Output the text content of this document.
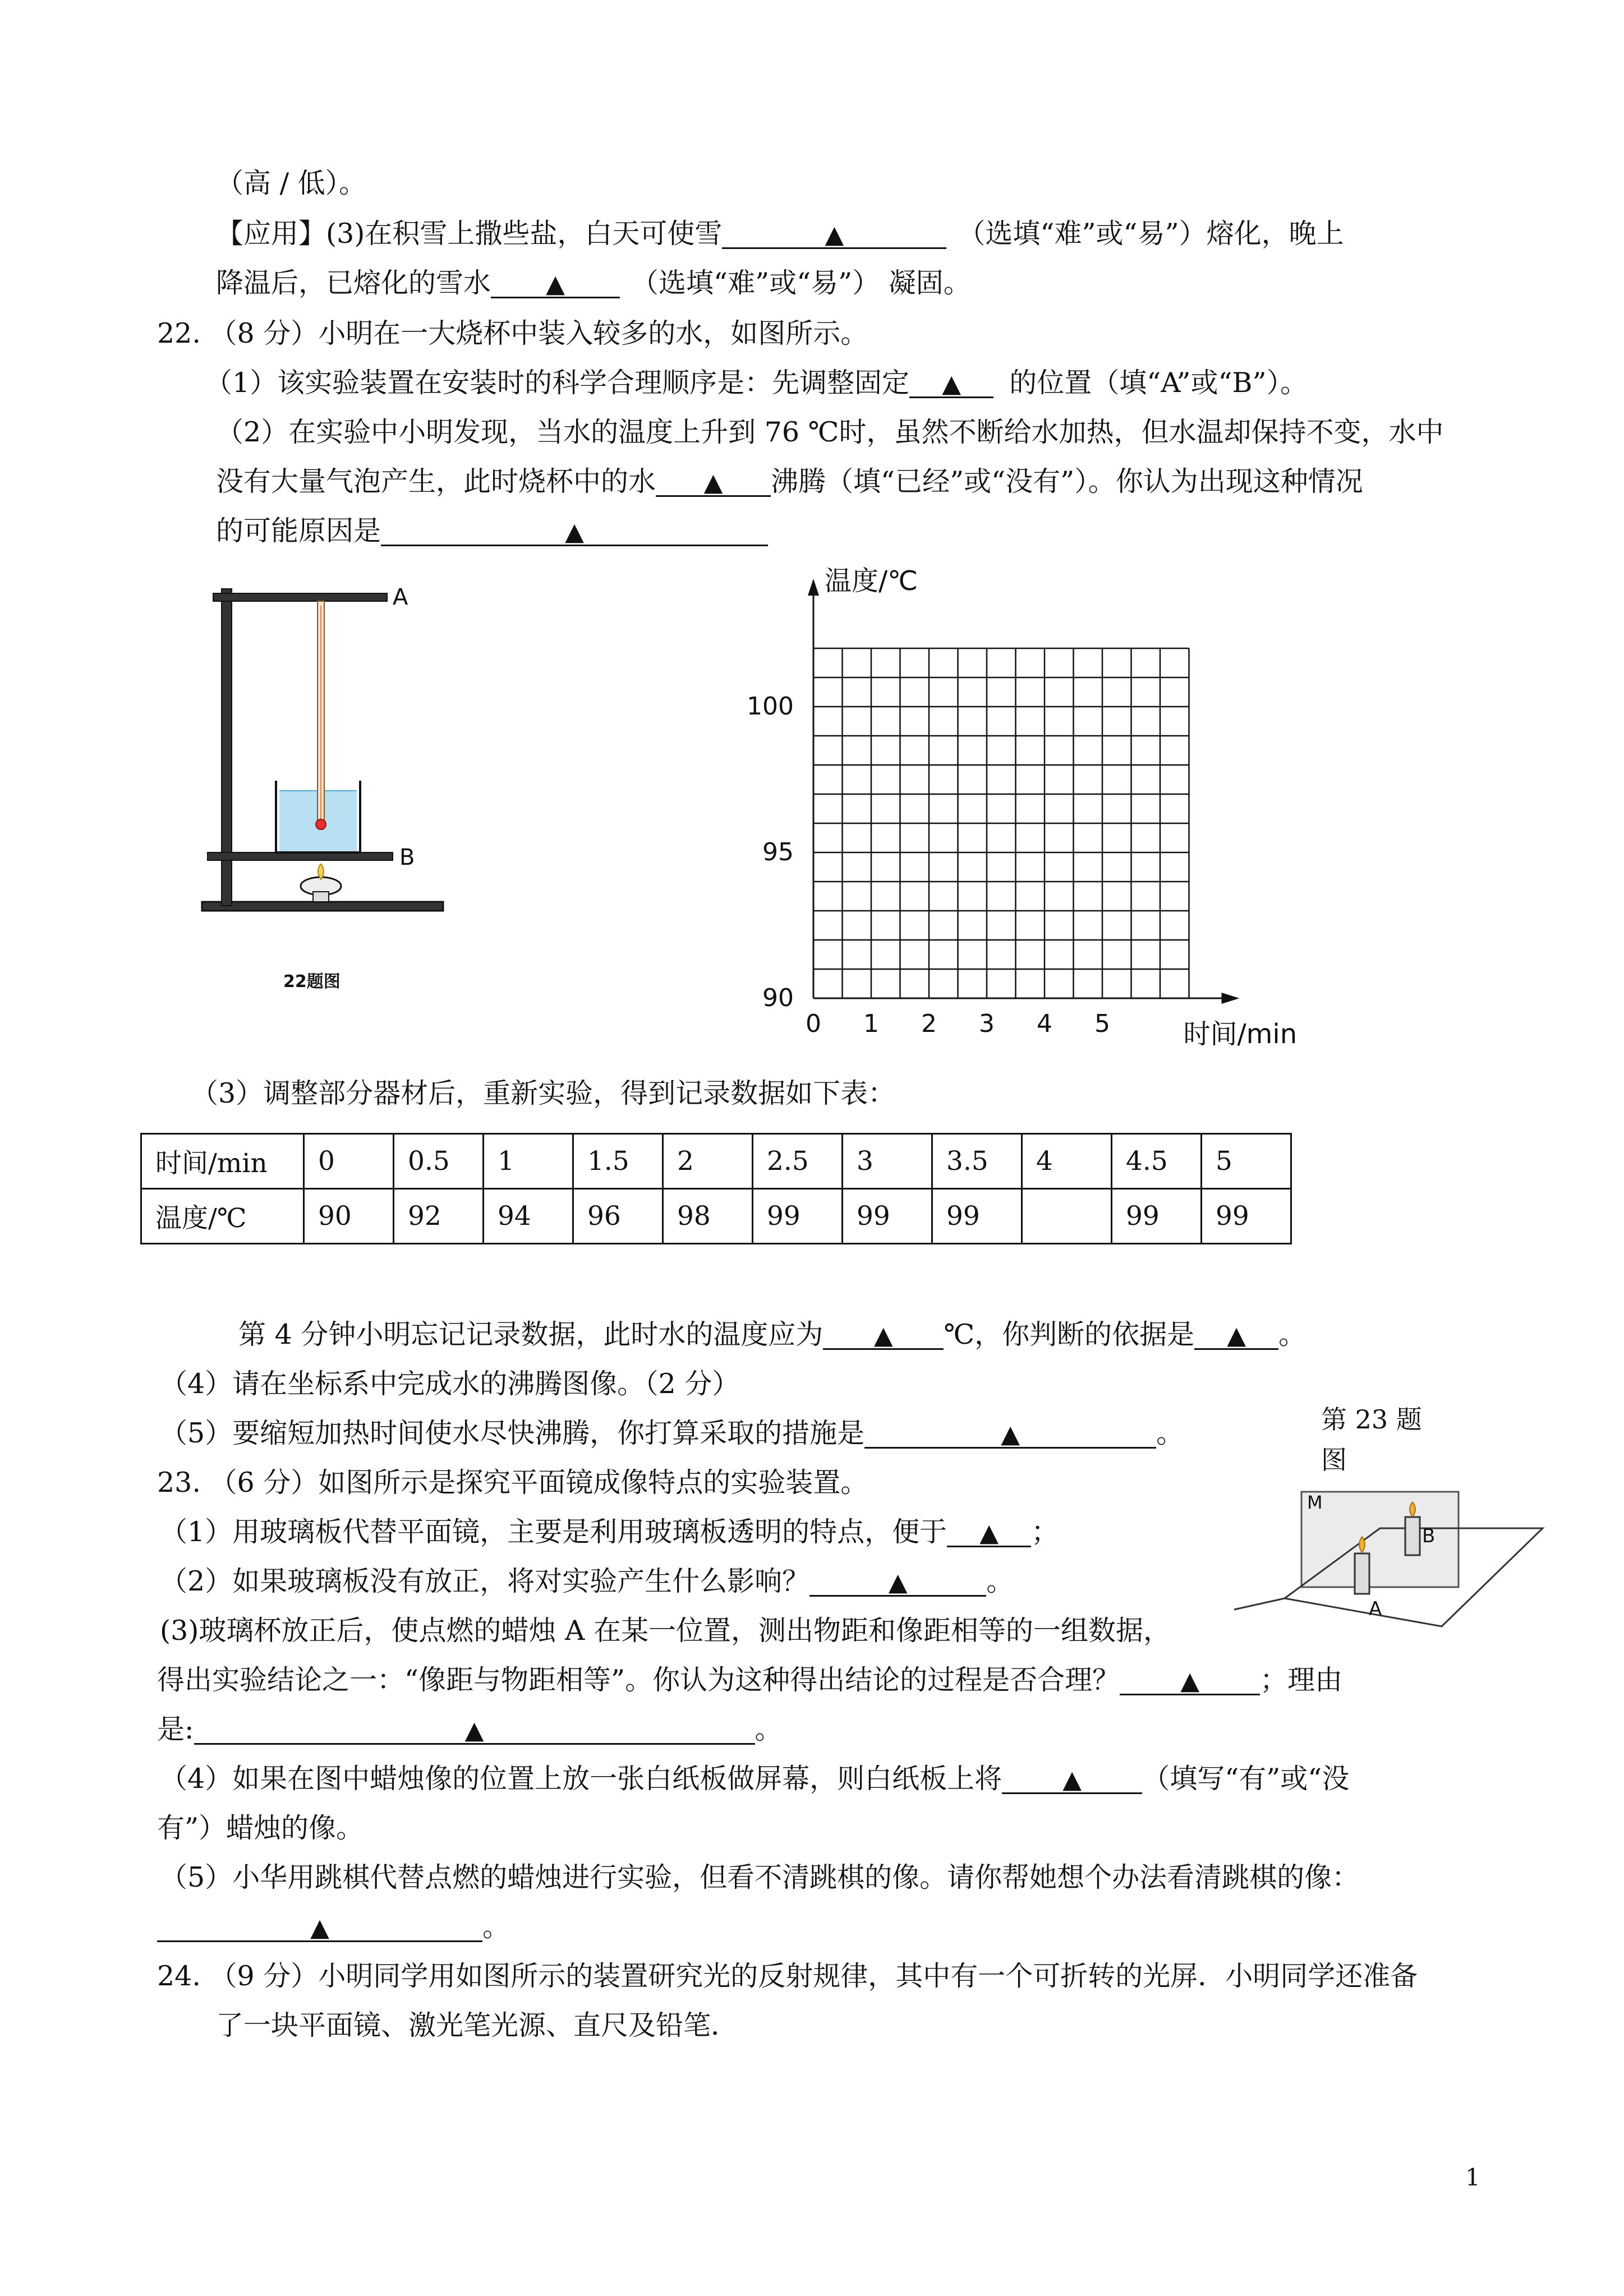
（高 / 低）。
【应用】(3)在积雪上撒些盐，白天可使雪	▲	（选填“难”或“易”）熔化，晚上
降温后，已熔化的雪水 ▲ （选填“难”或“易”） 凝固。
22. （8 分）小明在一大烧杯中装入较多的水，如图所示。
（1）该实验装置在安装时的科学合理顺序是：先调整固定 ▲ 的位置（填“A”或“B”）。
（2）在实验中小明发现，当水的温度上升到 76 ℃时，虽然不断给水加热，但水温却保持不变，水中
没有大量气泡产生，此时烧杯中的水 ▲ 沸腾（填“已经”或“没有”）。你认为出现这种情况
的可能原因是	▲
A
B
22题图
0 1 2 3 4 5
100
95
90
温度/℃
时间/min
（3）调整部分器材后，重新实验，得到记录数据如下表：
时间/min	0	0.5	1	1.5	2	2.5	3	3.5	4	4.5	5
温度/℃	90	92	94	96	98	99	99	99		99	99
第 4 分钟小明忘记记录数据，此时水的温度应为 ▲ ℃，你判断的依据是 ▲ 。
（4）请在坐标系中完成水的沸腾图像。（2 分）
（5）要缩短加热时间使水尽快沸腾，你打算采取的措施是	▲	。
23. （6 分）如图所示是探究平面镜成像特点的实验装置。
（1）用玻璃板代替平面镜，主要是利用玻璃板透明的特点，便于 ▲ ；
（2）如果玻璃板没有放正，将对实验产生什么影响？	▲	。
(3)玻璃杯放正后，使点燃的蜡烛 A 在某一位置，测出物距和像距相等的一组数据，
得出实验结论之一：“像距与物距相等”。你认为这种得出结论的过程是否合理？ ▲ ；理由
是:	▲	。
（4）如果在图中蜡烛像的位置上放一张白纸板做屏幕，则白纸板上将 ▲ （填写“有”或“没
有”）蜡烛的像。
（5）小华用跳棋代替点燃的蜡烛进行实验，但看不清跳棋的像。请你帮她想个办法看清跳棋的像：
▲	。
24. （9 分）小明同学用如图所示的装置研究光的反射规律，其中有一个可折转的光屏．小明同学还准备
了一块平面镜、激光笔光源、直尺及铅笔．
第 23 题
图
M
B
A
1
